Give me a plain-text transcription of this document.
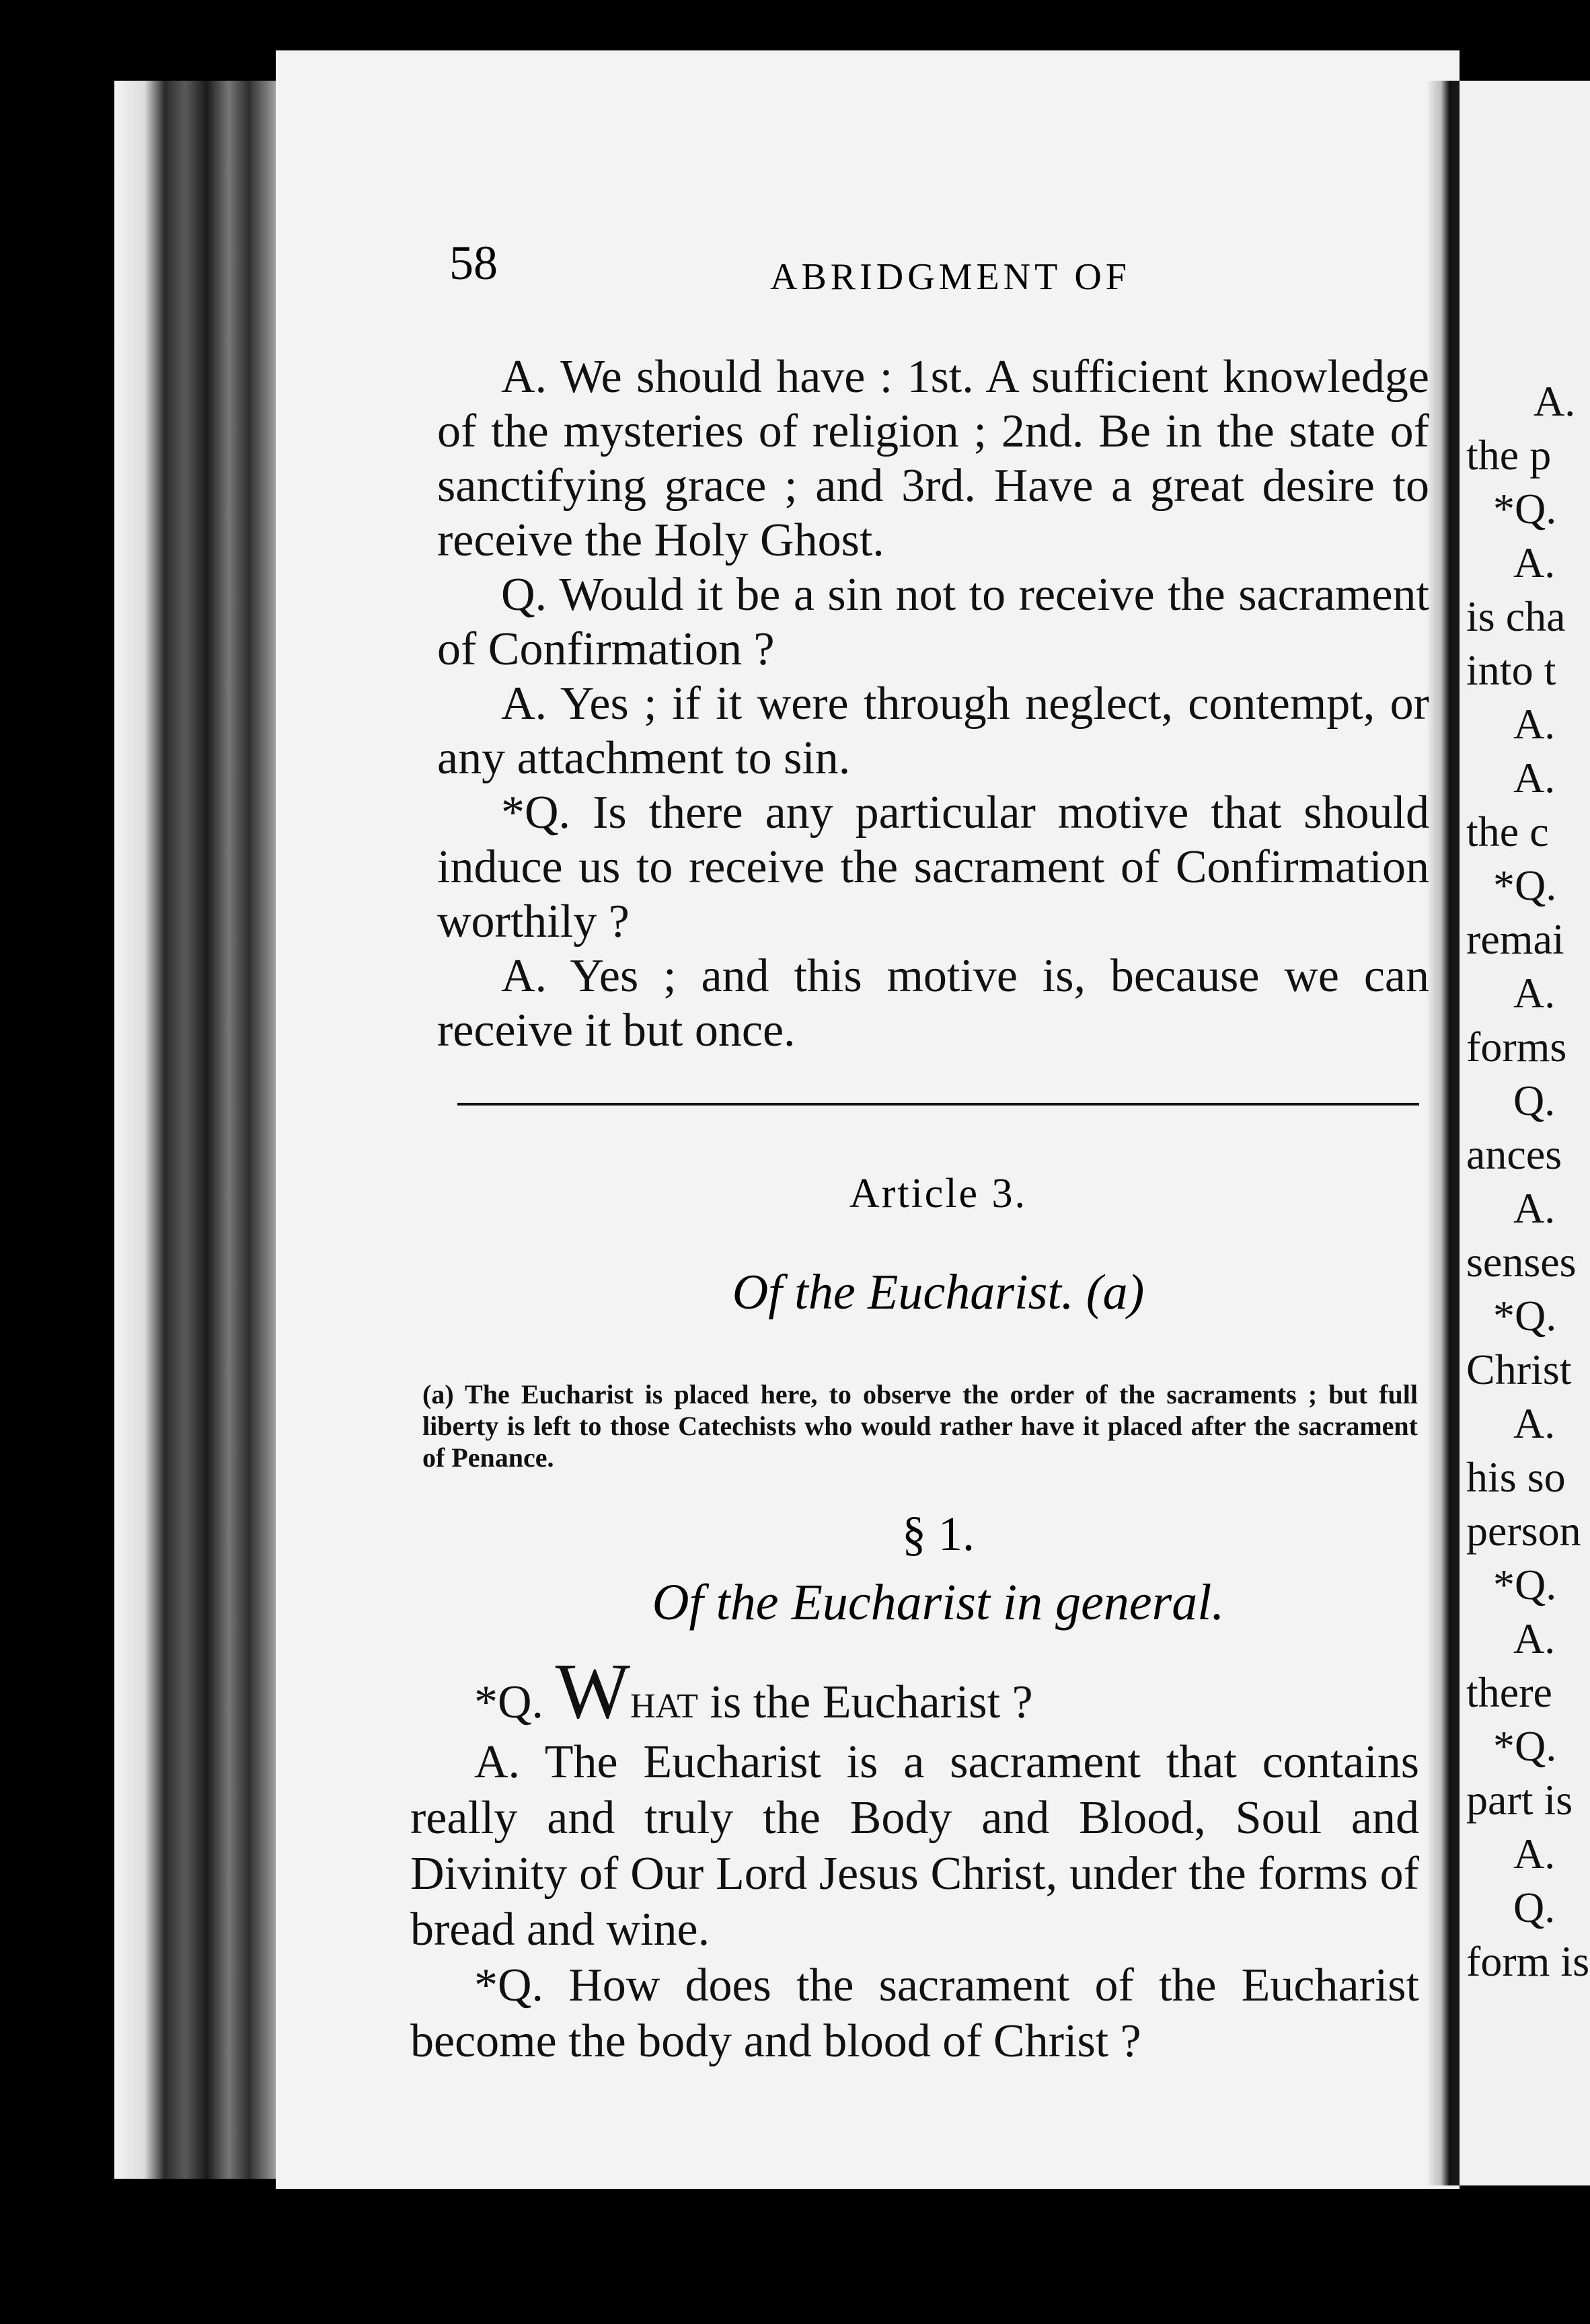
58	ABRIDGMENT OF

A. We should have : 1st. A sufficient knowledge of the mysteries of religion ; 2nd. Be in the state of sanctifying grace ; and 3rd. Have a great desire to receive the Holy Ghost.

Q. Would it be a sin not to receive the sacrament of Confirmation ?

A. Yes ; if it were through neglect, contempt, or any attachment to sin.

*Q. Is there any particular motive that should induce us to receive the sacrament of Confirmation worthily ?

A. Yes ; and this motive is, because we can receive it but once.

Article 3.
Of the Eucharist. (a)
(a) The Eucharist is placed here, to observe the order of the sacraments ; but full liberty is left to those Catechists who would rather have it placed after the sacrament of Penance.
§ 1.
Of the Eucharist in general.

*Q. WHAT is the Eucharist ?

A. The Eucharist is a sacrament that contains really and truly the Body and Blood, Soul and Divinity of Our Lord Jesus Christ, under the forms of bread and wine.

*Q. How does the sacrament of the Eucharist become the body and blood of Christ ?

A.
the p
*Q.
A.
is cha
into t
A.
A.
the c
*Q.
remai
A.
forms
Q.
ances
A.
senses
*Q.
Christ
A.
his so
person
*Q.
A.
there
*Q.
part is
A.
Q.
form is
